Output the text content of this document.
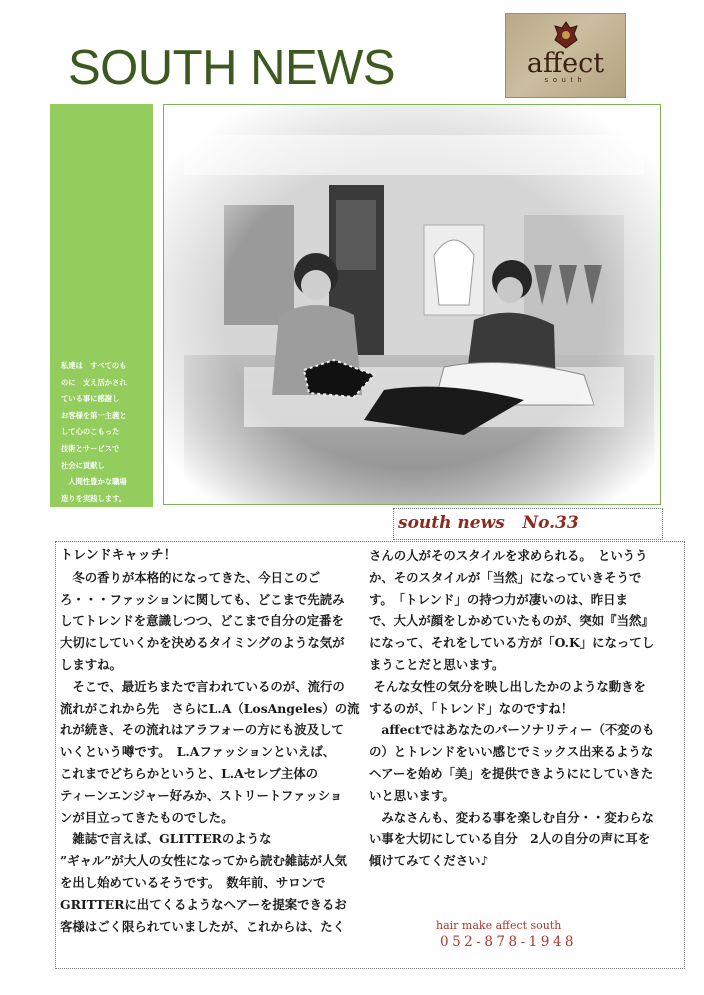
SOUTH NEWS	affect
south
私達は　すべてのも
のに　支え活かされ
ている事に感謝し
お客様を第一主義と
して心のこもった
技術とサービスで
社会に貢献し
　人間性豊かな職場
造りを実践します。
south news   No.33
トレンドキャッチ！
　冬の香りが本格的になってきた、今日このご
ろ・・・ファッションに関しても、どこまで先読み
してトレンドを意識しつつ、どこまで自分の定番を
大切にしていくかを決めるタイミングのような気が
しますね。
　そこで、最近ちまたで言われているのが、流行の
流れがこれから先　さらにL.A（LosAngeles）の流
れが続き、その流れはアラフォーの方にも波及して
いくという噂です。　L.Aファッションといえば、
これまでどちらかというと、L.Aセレブ主体の
ティーンエンジャー好みか、ストリートファッショ
ンが目立ってきたものでした。
　雑誌で言えば、GLITTERのような
”ギャル”が大人の女性になってから読む雑誌が人気
を出し始めているそうです。　数年前、サロンで
GRITTERに出てくるようなヘアーを提案できるお
客様はごく限られていましたが、これからは、たく
さんの人がそのスタイルを求められる。　というう
か、そのスタイルが「当然」になっていきそうで
す。　「トレンド」の持つ力が凄いのは、昨日ま
で、大人が顔をしかめていたものが、突如『当然』
になって、それをしている方が「O.K」になってし
まうことだと思います。
そんな女性の気分を映し出したかのような動きを
するのが、「トレンド」なのですね！
　affectではあなたのパーソナリティー（不変のも
の）とトレンドをいい感じでミックス出来るような
ヘアーを始め「美」を提供できようににしていきた
いと思います。
　みなさんも、変わる事を楽しむ自分・・変わらな
い事を大切にしている自分　2人の自分の声に耳を
傾けてみてください♪
hair make affect south
052-878-1948
